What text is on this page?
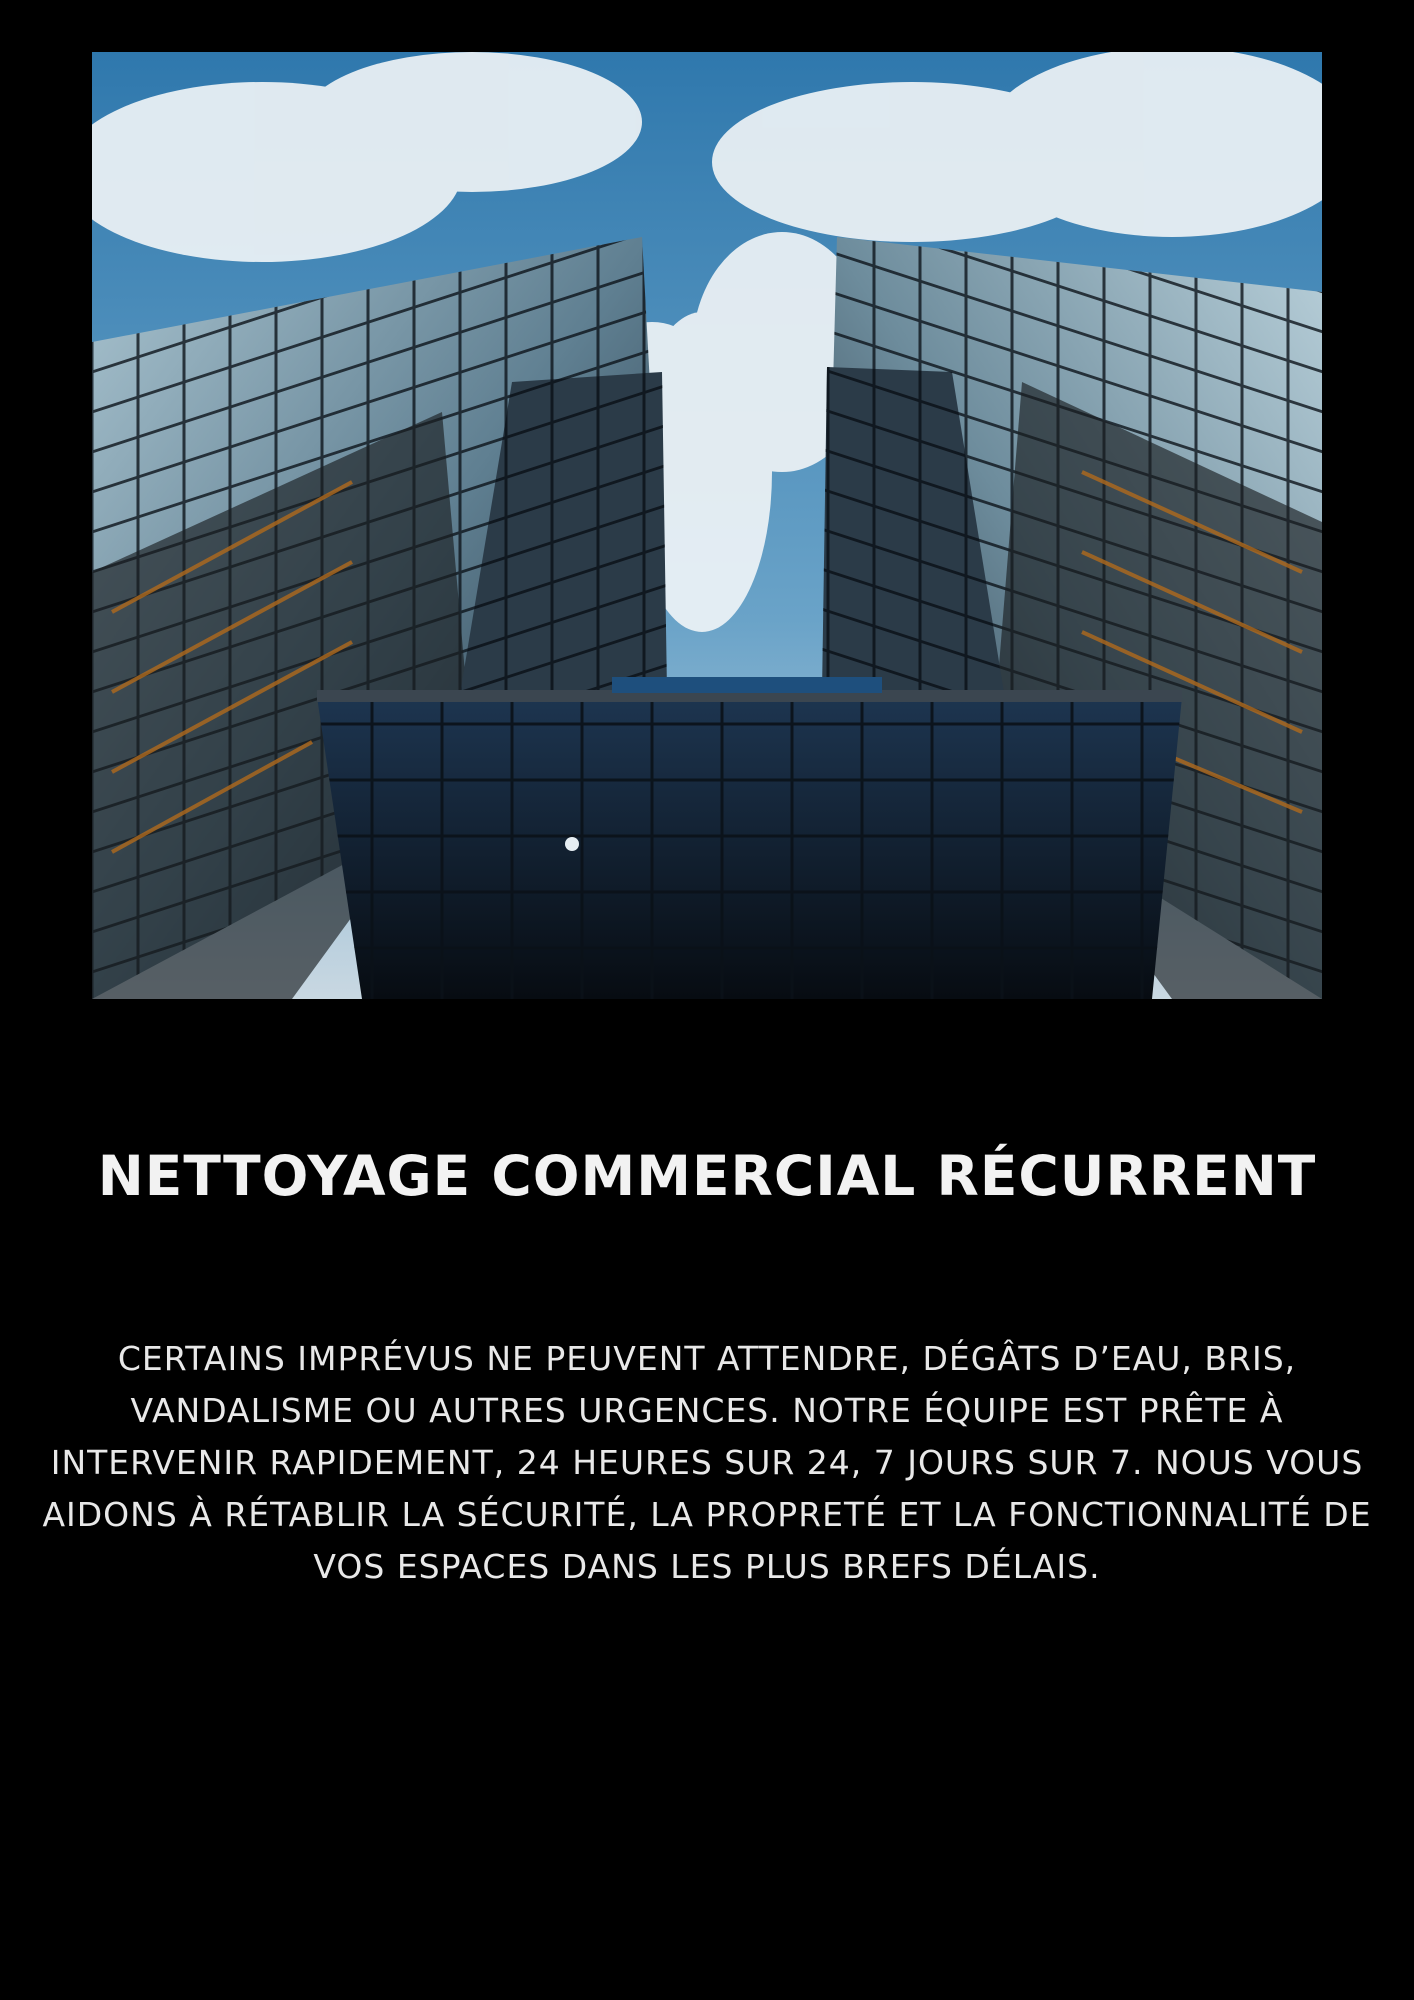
NETTOYAGE COMMERCIAL RÉCURRENT

CERTAINS IMPRÉVUS NE PEUVENT ATTENDRE, DÉGÂTS D’EAU, BRIS, VANDALISME OU AUTRES URGENCES. NOTRE ÉQUIPE EST PRÊTE À INTERVENIR RAPIDEMENT, 24 HEURES SUR 24, 7 JOURS SUR 7. NOUS VOUS AIDONS À RÉTABLIR LA SÉCURITÉ, LA PROPRETÉ ET LA FONCTIONNALITÉ DE VOS ESPACES DANS LES PLUS BREFS DÉLAIS.
